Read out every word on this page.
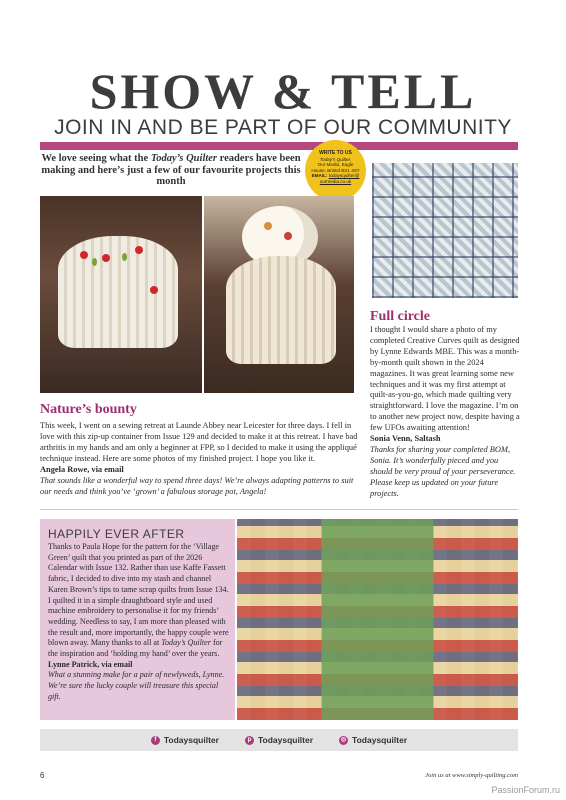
SHOW & TELL
JOIN IN AND BE PART OF OUR COMMUNITY
We love seeing what the Today’s Quilter readers have been making and here’s just a few of our favourite projects this month
WRITE TO US
Today’s Quilter,
Our Media, Eagle
House, Bristol BS1 4ST
EMAIL: todaysquilter@ ourmedia.co.uk
Nature’s bounty
This week, I went on a sewing retreat at Launde Abbey near Leicester for three days. I fell in love with this zip-up container from Issue 129 and decided to make it at this retreat. I have bad arthritis in my hands and am only a beginner at FPP, so I decided to make it using the appliqué technique instead. Here are some photos of my finished project. I hope you like it.
Angela Rowe, via email
That sounds like a wonderful way to spend three days! We’re always adapting patterns to suit our needs and think you’ve ‘grown’ a fabulous storage pot, Angela!
Full circle
I thought I would share a photo of my completed Creative Curves quilt as designed by Lynne Edwards MBE. This was a month-by-month quilt shown in the 2024 magazines. It was great learning some new techniques and it was my first attempt at quilt-as-you-go, which made quilting very straightforward. I love the magazine. I’m on to another new project now, despite having a few UFOs awaiting attention!
Sonia Venn, Saltash
Thanks for sharing your completed BOM, Sonia. It’s wonderfully pieced and you should be very proud of your perseverance. Please keep us updated on your future projects.
HAPPILY EVER AFTER
Thanks to Paula Hope for the pattern for the ‘Village Green’ quilt that you printed as part of the 2026 Calendar with Issue 132. Rather than use Kaffe Fassett fabric, I decided to dive into my stash and channel Karen Brown’s tips to tame scrap quilts from Issue 134. I quilted it in a simple draughtboard style and used machine embroidery to personalise it for my friends’ wedding. Needless to say, I am more than pleased with the result and, more importantly, the happy couple were blown away. Many thanks to all at Today’s Quilter for the inspiration and ‘holding my hand’ over the years.
Lynne Patrick, via email
What a stunning make for a pair of newlyweds, Lynne. We’re sure the lucky couple will treasure this special gift.
f Todaysquilter	p Todaysquilter	◎ Todaysquilter
6	Join us at www.simply-quilting.com
PassionForum.ru
